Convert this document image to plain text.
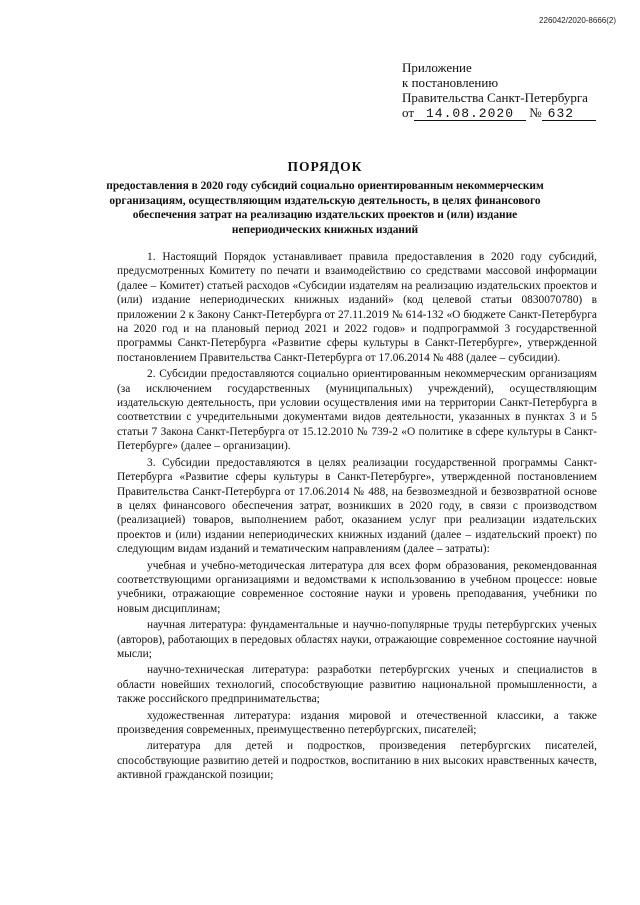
226042/2020-8666(2)
Приложение
к постановлению
Правительства Санкт-Петербурга
от 14.08.2020 № 632
ПОРЯДОК
предоставления в 2020 году субсидий социально ориентированным некоммерческим организациям, осуществляющим издательскую деятельность, в целях финансового обеспечения затрат на реализацию издательских проектов и (или) издание непериодических книжных изданий

1. Настоящий Порядок устанавливает правила предоставления в 2020 году субсидий, предусмотренных Комитету по печати и взаимодействию со средствами массовой информации (далее – Комитет) статьей расходов «Субсидии издателям на реализацию издательских проектов и (или) издание непериодических книжных изданий» (код целевой статьи 0830070780) в приложении 2 к Закону Санкт-Петербурга от 27.11.2019 № 614-132 «О бюджете Санкт-Петербурга на 2020 год и на плановый период 2021 и 2022 годов» и подпрограммой 3 государственной программы Санкт-Петербурга «Развитие сферы культуры в Санкт-Петербурге», утвержденной постановлением Правительства Санкт-Петербурга от 17.06.2014 № 488 (далее – субсидии).

2. Субсидии предоставляются социально ориентированным некоммерческим организациям (за исключением государственных (муниципальных) учреждений), осуществляющим издательскую деятельность, при условии осуществления ими на территории Санкт-Петербурга в соответствии с учредительными документами видов деятельности, указанных в пунктах 3 и 5 статьи 7 Закона Санкт-Петербурга от 15.12.2010 № 739-2 «О политике в сфере культуры в Санкт-Петербурге» (далее – организации).

3. Субсидии предоставляются в целях реализации государственной программы Санкт-Петербурга «Развитие сферы культуры в Санкт-Петербурге», утвержденной постановлением Правительства Санкт-Петербурга от 17.06.2014 № 488, на безвозмездной и безвозвратной основе в целях финансового обеспечения затрат, возникших в 2020 году, в связи с производством (реализацией) товаров, выполнением работ, оказанием услуг при реализации издательских проектов и (или) издании непериодических книжных изданий (далее – издательский проект) по следующим видам изданий и тематическим направлениям (далее – затраты):

учебная и учебно-методическая литература для всех форм образования, рекомендованная соответствующими организациями и ведомствами к использованию в учебном процессе: новые учебники, отражающие современное состояние науки и уровень преподавания, учебники по новым дисциплинам;

научная литература: фундаментальные и научно-популярные труды петербургских ученых (авторов), работающих в передовых областях науки, отражающие современное состояние научной мысли;

научно-техническая литература: разработки петербургских ученых и специалистов в области новейших технологий, способствующие развитию национальной промышленности, а также российского предпринимательства;

художественная литература: издания мировой и отечественной классики, а также произведения современных, преимущественно петербургских, писателей;

литература для детей и подростков, произведения петербургских писателей, способствующие развитию детей и подростков, воспитанию в них высоких нравственных качеств, активной гражданской позиции;
